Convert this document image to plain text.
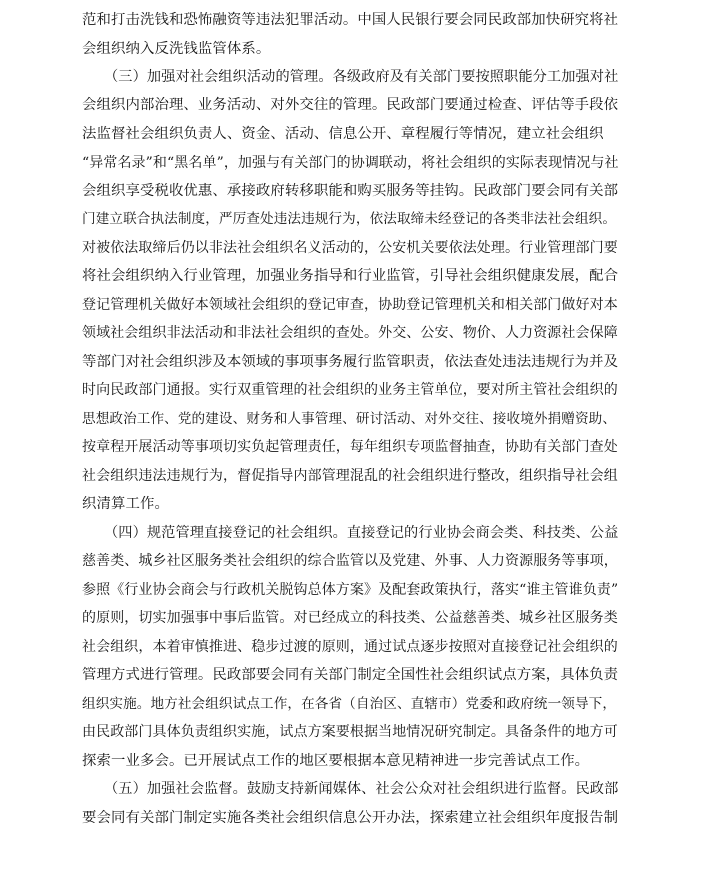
范和打击洗钱和恐怖融资等违法犯罪活动。中国人民银行要会同民政部加快研究将社
会组织纳入反洗钱监管体系。
（三）加强对社会组织活动的管理。各级政府及有关部门要按照职能分工加强对社
会组织内部治理、业务活动、对外交往的管理。民政部门要通过检查、评估等手段依
法监督社会组织负责人、资金、活动、信息公开、章程履行等情况，建立社会组织
“异常名录”和“黑名单”，加强与有关部门的协调联动，将社会组织的实际表现情况与社
会组织享受税收优惠、承接政府转移职能和购买服务等挂钩。民政部门要会同有关部
门建立联合执法制度，严厉查处违法违规行为，依法取缔未经登记的各类非法社会组织。
对被依法取缔后仍以非法社会组织名义活动的，公安机关要依法处理。行业管理部门要
将社会组织纳入行业管理，加强业务指导和行业监管，引导社会组织健康发展，配合
登记管理机关做好本领域社会组织的登记审查，协助登记管理机关和相关部门做好对本
领域社会组织非法活动和非法社会组织的查处。外交、公安、物价、人力资源社会保障
等部门对社会组织涉及本领域的事项事务履行监管职责，依法查处违法违规行为并及
时向民政部门通报。实行双重管理的社会组织的业务主管单位，要对所主管社会组织的
思想政治工作、党的建设、财务和人事管理、研讨活动、对外交往、接收境外捐赠资助、
按章程开展活动等事项切实负起管理责任，每年组织专项监督抽查，协助有关部门查处
社会组织违法违规行为，督促指导内部管理混乱的社会组织进行整改，组织指导社会组
织清算工作。
（四）规范管理直接登记的社会组织。直接登记的行业协会商会类、科技类、公益
慈善类、城乡社区服务类社会组织的综合监管以及党建、外事、人力资源服务等事项，
参照《行业协会商会与行政机关脱钩总体方案》及配套政策执行，落实“谁主管谁负责”
的原则，切实加强事中事后监管。对已经成立的科技类、公益慈善类、城乡社区服务类
社会组织，本着审慎推进、稳步过渡的原则，通过试点逐步按照对直接登记社会组织的
管理方式进行管理。民政部要会同有关部门制定全国性社会组织试点方案，具体负责
组织实施。地方社会组织试点工作，在各省（自治区、直辖市）党委和政府统一领导下，
由民政部门具体负责组织实施，试点方案要根据当地情况研究制定。具备条件的地方可
探索一业多会。已开展试点工作的地区要根据本意见精神进一步完善试点工作。
（五）加强社会监督。鼓励支持新闻媒体、社会公众对社会组织进行监督。民政部
要会同有关部门制定实施各类社会组织信息公开办法，探索建立社会组织年度报告制
